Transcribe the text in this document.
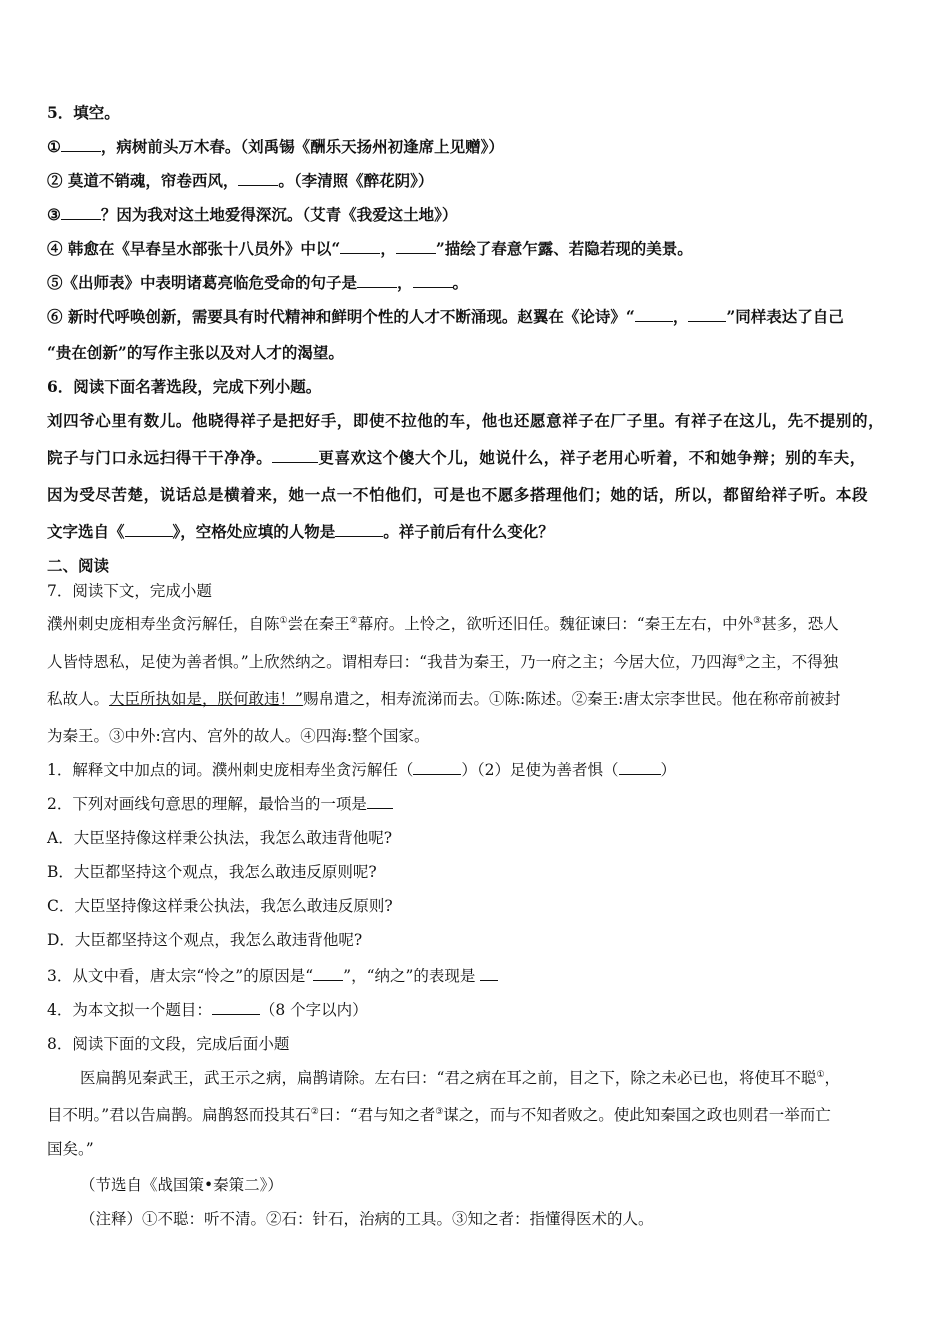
5．填空。
①	，病树前头万木春。（刘禹锡《酬乐天扬州初逢席上见赠》）
② 莫道不销魂，帘卷西风，	。（李清照《醉花阴》）
③	？因为我对这土地爱得深沉。（艾青《我爱这土地》）
④ 韩愈在《早春呈水部张十八员外》中以“	，	”描绘了春意乍露、若隐若现的美景。
⑤《出师表》中表明诸葛亮临危受命的句子是	，	。
⑥ 新时代呼唤创新，需要具有时代精神和鲜明个性的人才不断涌现。赵翼在《论诗》“ ， ”同样表达了自己
“贵在创新”的写作主张以及对人才的渴望。
6．阅读下面名著选段，完成下列小题。
刘四爷心里有数儿。他晓得祥子是把好手，即使不拉他的车，他也还愿意祥子在厂子里。有祥子在这儿，先不提别的，
院子与门口永远扫得干干净净。	更喜欢这个傻大个儿，她说什么，祥子老用心听着，不和她争辩；别的车夫，
因为受尽苦楚，说话总是横着来，她一点一不怕他们，可是也不愿多搭理他们；她的话，所以，都留给祥子听。本段
文字选自《	》，空格处应填的人物是	。祥子前后有什么变化？
二、阅读
7．阅读下文，完成小题
濮州刺史庞相寿坐贪污解任，自陈①尝在秦王②幕府。上怜之，欲听还旧任。魏征谏曰：“秦王左右，中外③甚多，恐人
人皆恃恩私，足使为善者惧。”上欣然纳之。谓相寿曰：“我昔为秦王，乃一府之主；今居大位，乃四海④之主，不得独
私故人。大臣所执如是，朕何敢违！”赐帛遣之，相寿流涕而去。①陈:陈述。②秦王:唐太宗李世民。他在称帝前被封
为秦王。③中外:宫内、宫外的故人。④四海:整个国家。
1．解释文中加点的词。濮州刺史庞相寿坐贪污解任（	）（2）足使为善者惧（	）
2．下列对画线句意思的理解，最恰当的一项是
A．大臣坚持像这样秉公执法，我怎么敢违背他呢?
B．大臣都坚持这个观点，我怎么敢违反原则呢?
C．大臣坚持像这样秉公执法，我怎么敢违反原则?
D．大臣都坚持这个观点，我怎么敢违背他呢?
3．从文中看，唐太宗“怜之”的原因是“ ”，“纳之”的表现是
4．为本文拟一个题目：	（8 个字以内）
8．阅读下面的文段，完成后面小题
医扁鹊见秦武王，武王示之病，扁鹊请除。左右曰：“君之病在耳之前，目之下，除之未必已也，将使耳不聪①，
目不明。”君以告扁鹊。扁鹊怒而投其石②曰：“君与知之者③谋之，而与不知者败之。使此知秦国之政也则君一举而亡
国矣。”
（节选自《战国策•秦策二》）
（注释）①不聪：听不清。②石：针石，治病的工具。③知之者：指懂得医术的人。
